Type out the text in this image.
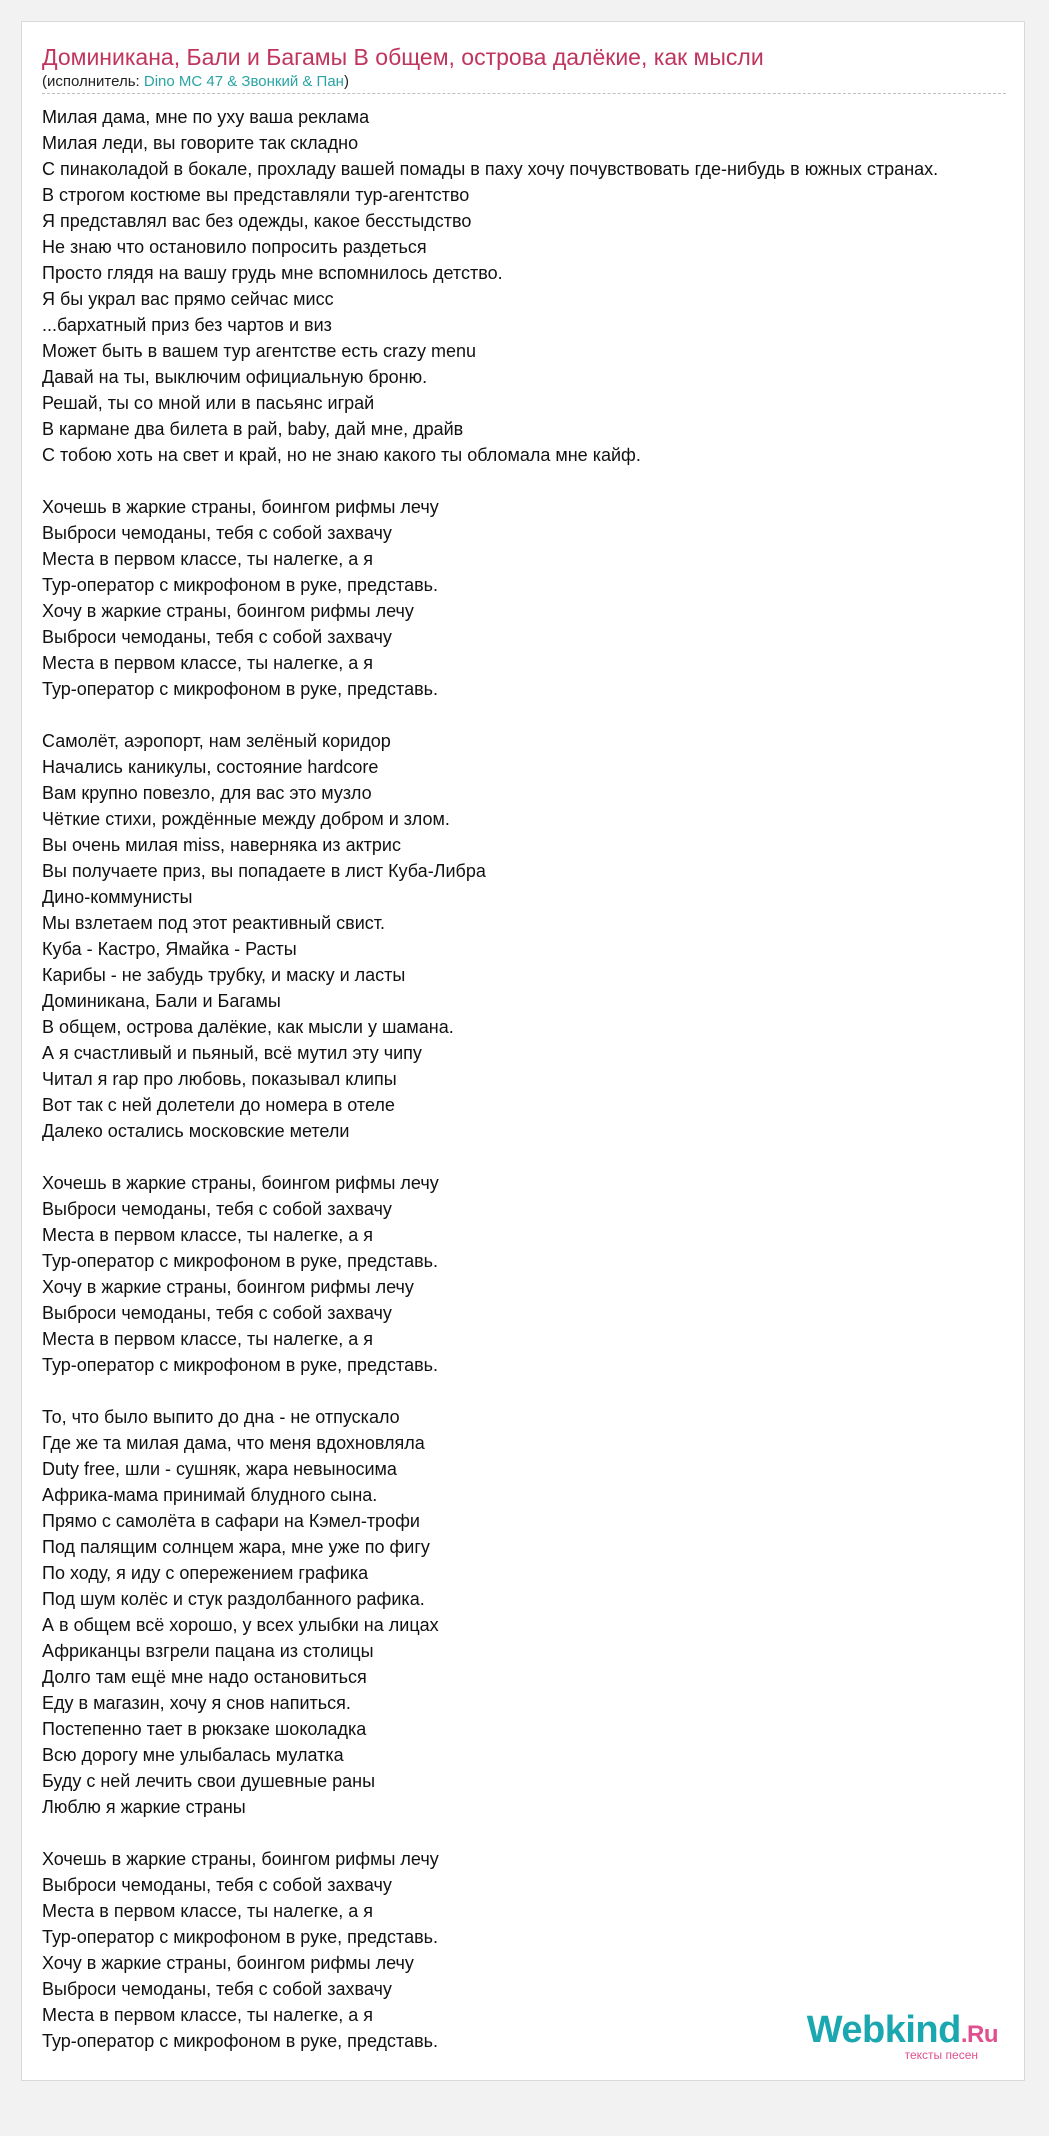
Доминикана, Бали и Багамы В общем, острова далёкие, как мысли
(исполнитель: Dino MC 47 & Звонкий & Пан)
Милая дама, мне по уху ваша реклама
Милая леди, вы говорите так складно
С пинаколадой в бокале, прохладу вашей помады в паху хочу почувствовать где-нибудь в южных странах.
В строгом костюме вы представляли тур-агентство
Я представлял вас без одежды, какое бесстыдство
Не знаю что остановило попросить раздеться
Просто глядя на вашу грудь мне вспомнилось детство.
Я бы украл вас прямо сейчас мисс
...бархатный приз без чартов и виз
Может быть в вашем тур агентстве есть crazy menu
Давай на ты, выключим официальную броню.
Решай, ты со мной или в пасьянс играй
В кармане два билета в рай, baby, дай мне, драйв
С тобою хоть на свет и край, но не знаю какого ты обломала мне кайф.
Хочешь в жаркие страны, боингом рифмы лечу
Выброси чемоданы, тебя с собой захвачу
Места в первом классе, ты налегке, а я
Тур-оператор с микрофоном в руке, представь.
Хочу в жаркие страны, боингом рифмы лечу
Выброси чемоданы, тебя с собой захвачу
Места в первом классе, ты налегке, а я
Тур-оператор с микрофоном в руке, представь.
Самолёт, аэропорт, нам зелёный коридор
Начались каникулы, состояние hardcore
Вам крупно повезло, для вас это музло
Чёткие стихи, рождённые между добром и злом.
Вы очень милая miss, наверняка из актрис
Вы получаете приз, вы попадаете в лист Куба-Либра
Дино-коммунисты
Мы взлетаем под этот реактивный свист.
Куба - Кастро, Ямайка - Расты
Карибы - не забудь трубку, и маску и ласты
Доминикана, Бали и Багамы
В общем, острова далёкие, как мысли у шамана.
А я счастливый и пьяный, всё мутил эту чипу
Читал я rap про любовь, показывал клипы
Вот так с ней долетели до номера в отеле
Далеко остались московские метели
Хочешь в жаркие страны, боингом рифмы лечу
Выброси чемоданы, тебя с собой захвачу
Места в первом классе, ты налегке, а я
Тур-оператор с микрофоном в руке, представь.
Хочу в жаркие страны, боингом рифмы лечу
Выброси чемоданы, тебя с собой захвачу
Места в первом классе, ты налегке, а я
Тур-оператор с микрофоном в руке, представь.
То, что было выпито до дна - не отпускало
Где же та милая дама, что меня вдохновляла
Duty free, шли - сушняк, жара невыносима
Африка-мама принимай блудного сына.
Прямо с самолёта в сафари на Кэмел-трофи
Под палящим солнцем жара, мне уже по фигу
По ходу, я иду с опережением графика
Под шум колёс и стук раздолбанного рафика.
А в общем всё хорошо, у всех улыбки на лицах
Африканцы взгрели пацана из столицы
Долго там ещё мне надо остановиться
Еду в магазин, хочу я снов напиться.
Постепенно тает в рюкзаке шоколадка
Всю дорогу мне улыбалась мулатка
Буду с ней лечить свои душевные раны
Люблю я жаркие страны
Хочешь в жаркие страны, боингом рифмы лечу
Выброси чемоданы, тебя с собой захвачу
Места в первом классе, ты налегке, а я
Тур-оператор с микрофоном в руке, представь.
Хочу в жаркие страны, боингом рифмы лечу
Выброси чемоданы, тебя с собой захвачу
Места в первом классе, ты налегке, а я
Тур-оператор с микрофоном в руке, представь.	Webkind.Ru
тексты песен
